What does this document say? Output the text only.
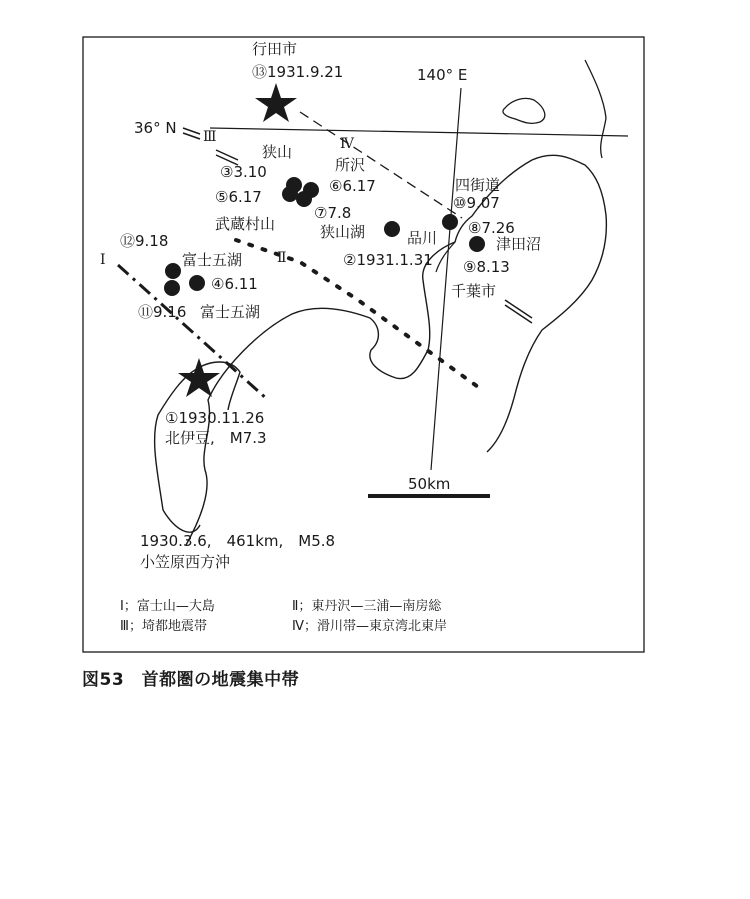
50km
140° E
36° N
Ⅰ	Ⅱ
Ⅲ	Ⅳ
行田市
狭山
所沢
武蔵村山	狭山湖	品川
四街道
津田沼
千葉市
富士五湖
富士五湖
北伊豆,　M7.3
⑬1931.9.21
③3.10
⑤6.17
⑥6.17
⑦7.8
②1931.1.31
⑩9.07
⑧7.26
⑨8.13
⑫9.18
④6.11
⑪9.16
①1930.11.26
1930.3.6,　461km,　M5.8
小笠原西方沖
Ⅰ；富士山—大島	Ⅱ；東丹沢—三浦—南房総
Ⅲ；埼都地震帯	Ⅳ；滑川帯—東京湾北東岸
図53　首都圏の地震集中帯
